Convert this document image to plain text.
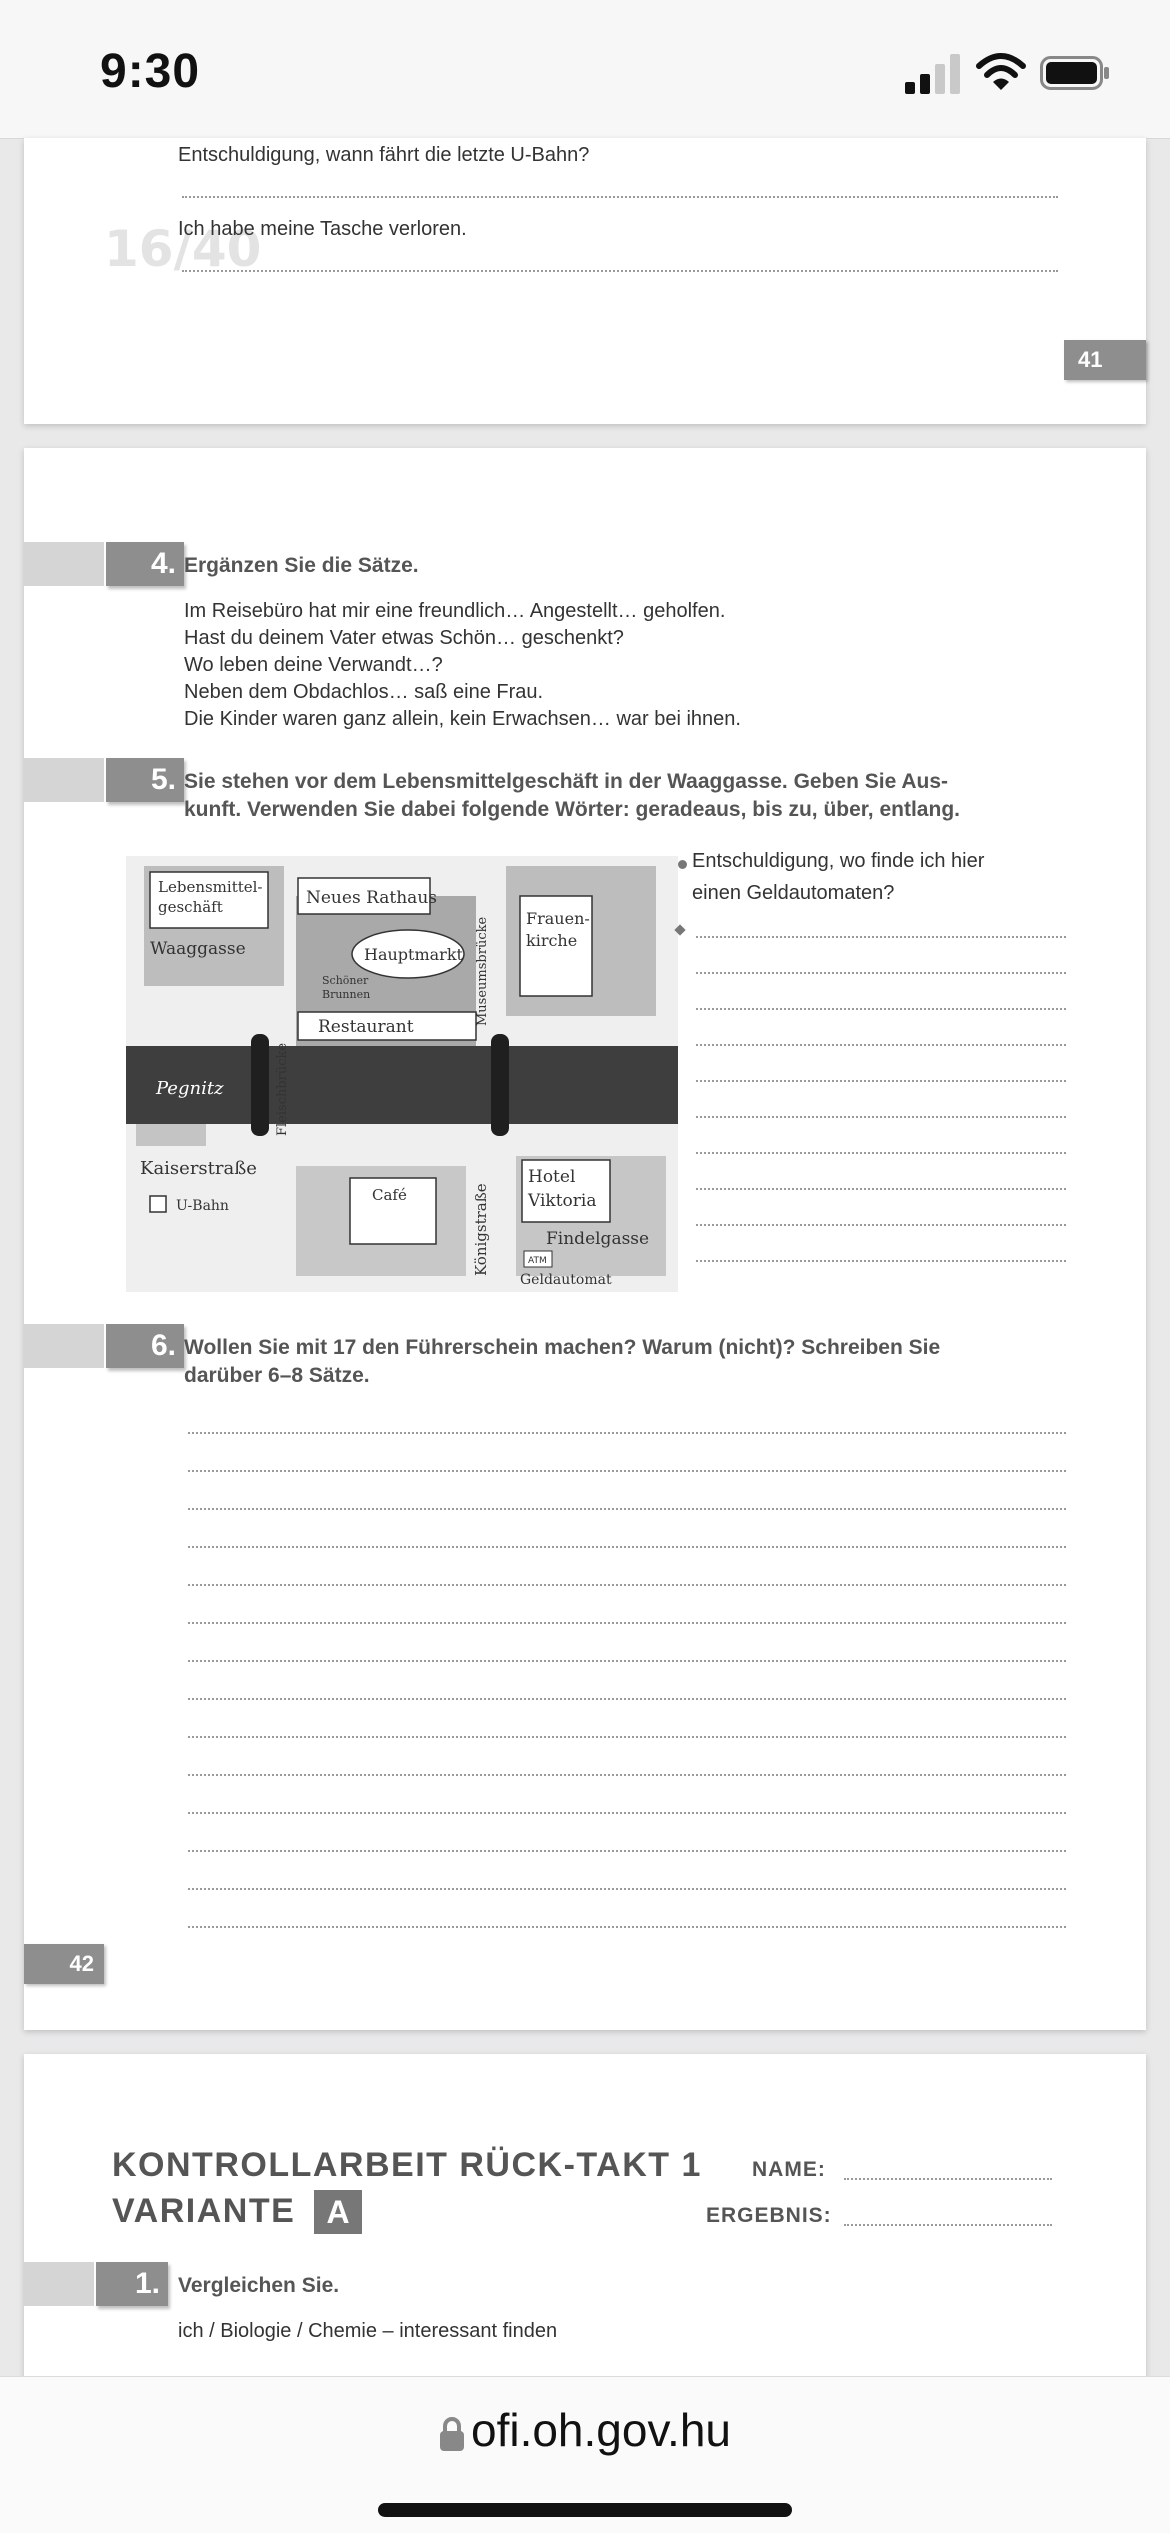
9:30
16/40
Entschuldigung, wann fährt die letzte U-Bahn?
Ich habe meine Tasche verloren.
41
4. Ergänzen Sie die Sätze.
Im Reisebüro hat mir eine freundlich… Angestellt… geholfen.
Hast du deinem Vater etwas Schön… geschenkt?
Wo leben deine Verwandt…?
Neben dem Obdachlos… saß eine Frau.
Die Kinder waren ganz allein, kein Erwachsen… war bei ihnen.
5. Sie stehen vor dem Lebensmittelgeschäft in der Waaggasse. Geben Sie Aus-
kunft. Verwenden Sie dabei folgende Wörter: geradeaus, bis zu, über, entlang.
Lebensmittel-
geschäft
Waaggasse
Neues Rathaus
Hauptmarkt
Schöner
Brunnen
Frauen-
kirche
Restaurant
Pegnitz	Fleischbrücke
Museumsbrücke
Kaiserstraße
U-Bahn
Café	Königstraße
Hotel
Viktoria
Findelgasse
ATM
Geldautomat
Entschuldigung, wo finde ich hier
einen Geldautomaten?
6. Wollen Sie mit 17 den Führerschein machen? Warum (nicht)? Schreiben Sie
darüber 6–8 Sätze.
42
KONTROLLARBEIT RÜCK-TAKT 1
VARIANTE A
NAME:
ERGEBNIS:
1. Vergleichen Sie.
ich / Biologie / Chemie – interessant finden
ofi.oh.gov.hu
